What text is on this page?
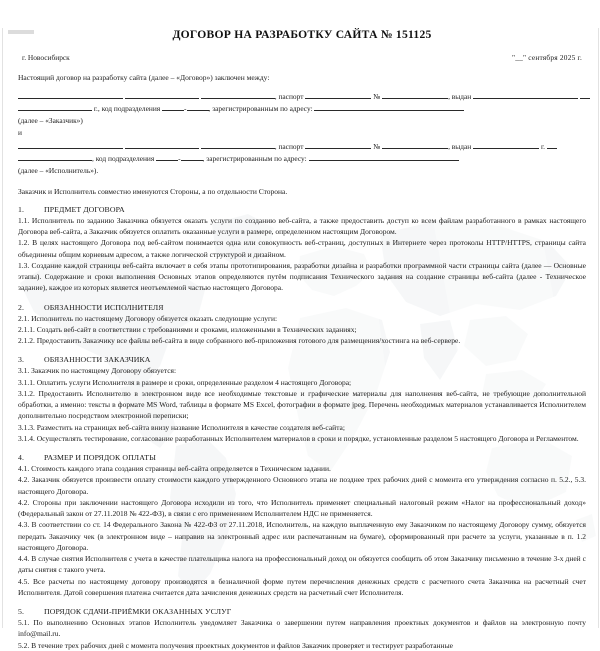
ДОГОВОР НА РАЗРАБОТКУ САЙТА № 151125
г. Новосибирск	"__" сентября 2025 г.
Настоящий договор на разработку сайта (далее – «Договор») заключен между:
, паспорт	№	, выдан
г., код подразделения	-	, зарегистрированным по адресу:
(далее – «Заказчик»)
и
, паспорт	№	, выдан	г.
, код подразделения	-	, зарегистрированным по адресу:
(далее – «Исполнитель»).
Заказчик и Исполнитель совместно именуются Стороны, а по отдельности Сторона.
1.	ПРЕДМЕТ ДОГОВОРА

1.1. Исполнитель по заданию Заказчика обязуется оказать услуги по созданию веб-сайта, а также предоставить доступ ко всем файлам разработанного в рамках настоящего Договора веб-сайта, а Заказчик обязуется оплатить оказанные услуги в размере, определенном настоящим Договором.

1.2. В целях настоящего Договора под веб-сайтом понимается одна или совокупность веб-страниц, доступных в Интернете через протоколы HTTP/HTTPS, страницы сайта объединены общим корневым адресом, а также логической структурой и дизайном.

1.3. Создание каждой страницы веб-сайта включает в себя этапы прототипирования, разработки дизайна и разработки программной части страницы сайта (далее — Основные этапы). Содержание и сроки выполнения Основных этапов определяются путём подписания Технического задания на создание страницы веб-сайта (далее - Техническое задание), каждое из которых является неотъемлемой частью настоящего Договора.

2.	ОБЯЗАННОСТИ ИСПОЛНИТЕЛЯ

2.1. Исполнитель по настоящему Договору обязуется оказать следующие услуги:

2.1.1. Создать веб-сайт в соответствии с требованиями и сроками, изложенными в Технических заданиях;

2.1.2. Предоставить Заказчику все файлы веб-сайта в виде собранного веб-приложения готового для размещения/хостинга на веб-сервере.

3.	ОБЯЗАННОСТИ ЗАКАЗЧИКА

3.1. Заказчик по настоящему Договору обязуется:

3.1.1. Оплатить услуги Исполнителя в размере и сроки, определенные разделом 4 настоящего Договора;

3.1.2. Предоставить Исполнителю в электронном виде все необходимые текстовые и графические материалы для наполнения веб-сайта, не требующие дополнительной обработки, а именно: тексты в формате MS Word, таблицы в формате MS Excel, фотографии в формате jpeg. Перечень необходимых материалов устанавливается Исполнителем дополнительно посредством электронной переписки;

3.1.3. Разместить на страницах веб-сайта внизу название Исполнителя в качестве создателя веб-сайта;

3.1.4. Осуществлять тестирование, согласование разработанных Исполнителем материалов в сроки и порядке, установленные разделом 5 настоящего Договора и Регламентом.

4.	РАЗМЕР И ПОРЯДОК ОПЛАТЫ

4.1. Стоимость каждого этапа создания страницы веб-сайта определяется в Техническом задании.

4.2. Заказчик обязуется произвести оплату стоимости каждого утвержденного Основного этапа не позднее трех рабочих дней с момента его утверждения согласно п. 5.2., 5.3. настоящего Договора.

4.2. Стороны при заключении настоящего Договора исходили из того, что Исполнитель применяет специальный налоговый режим «Налог на профессиональный доход» (Федеральный закон от 27.11.2018 № 422-ФЗ), в связи с его применением Исполнителем НДС не применяется.

4.3. В соответствии со ст. 14 Федерального Закона № 422-ФЗ от 27.11.2018, Исполнитель, на каждую выплаченную ему Заказчиком по настоящему Договору сумму, обязуется передать Заказчику чек (в электронном виде – направив на электронный адрес или распечатанным на бумаге), сформированный при расчете за услуги, указанные в п. 1.2 настоящего Договора.

4.4. В случае снятия Исполнителя с учета в качестве плательщика налога на профессиональный доход он обязуется сообщить об этом Заказчику письменно в течение 3-х дней с даты снятия с такого учета.

4.5. Все расчеты по настоящему договору производятся в безналичной форме путем перечисления денежных средств с расчетного счета Заказчика на расчетный счет Исполнителя. Датой совершения платежа считается дата зачисления денежных средств на расчетный счет Исполнителя.

5.	ПОРЯДОК СДАЧИ-ПРИЁМКИ ОКАЗАННЫХ УСЛУГ

5.1. По выполнению Основных этапов Исполнитель уведомляет Заказчика о завершении путем направления проектных документов и файлов на электронную почту info@mail.ru.

5.2. В течение трех рабочих дней с момента получения проектных документов и файлов Заказчик проверяет и тестирует разработанные
